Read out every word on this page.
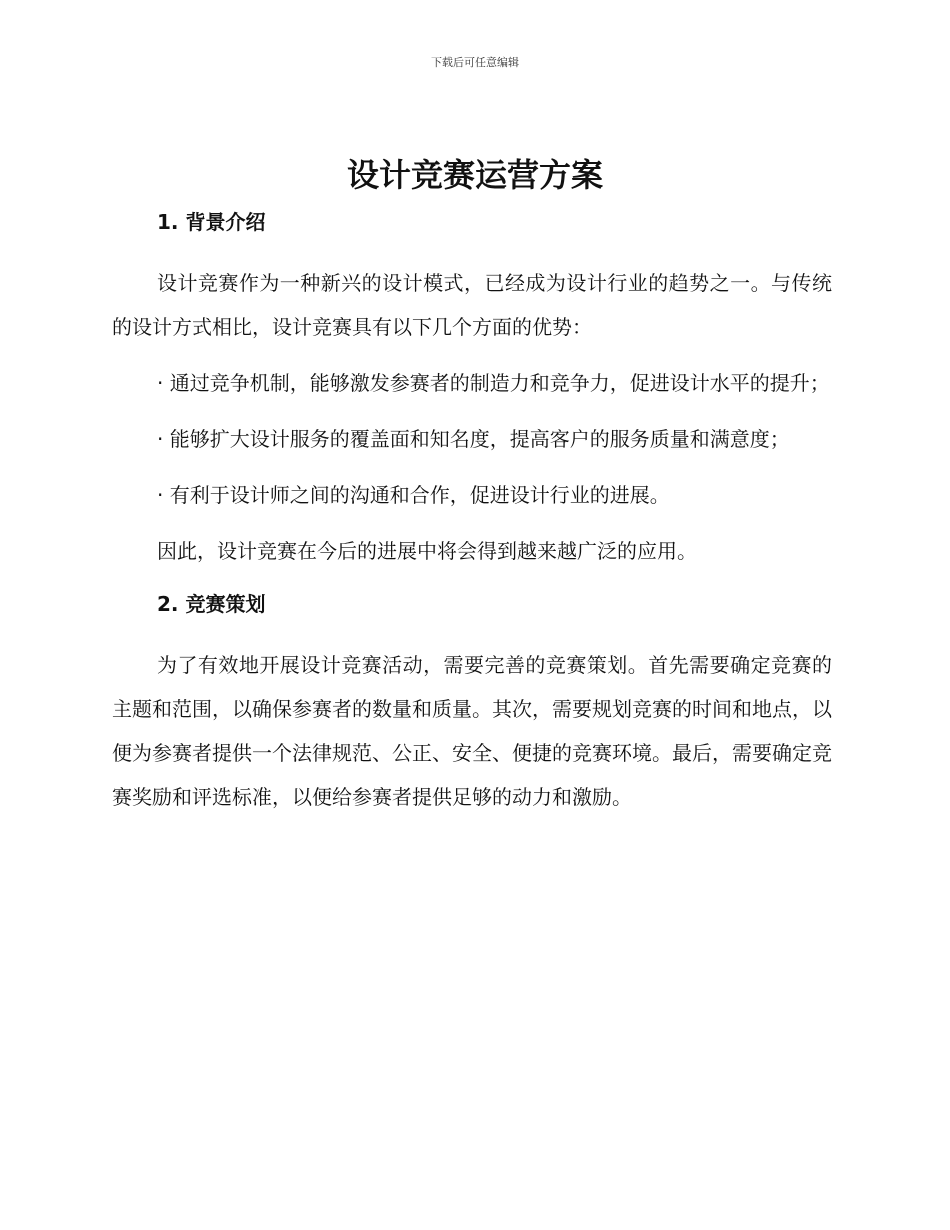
下载后可任意编辑
设计竞赛运营方案

1. 背景介绍

设计竞赛作为一种新兴的设计模式，已经成为设计行业的趋势之一。与传统的设计方式相比，设计竞赛具有以下几个方面的优势：

· 通过竞争机制，能够激发参赛者的制造力和竞争力，促进设计水平的提升；

· 能够扩大设计服务的覆盖面和知名度，提高客户的服务质量和满意度；

· 有利于设计师之间的沟通和合作，促进设计行业的进展。

因此，设计竞赛在今后的进展中将会得到越来越广泛的应用。

2. 竞赛策划

为了有效地开展设计竞赛活动，需要完善的竞赛策划。首先需要确定竞赛的主题和范围，以确保参赛者的数量和质量。其次，需要规划竞赛的时间和地点，以便为参赛者提供一个法律规范、公正、安全、便捷的竞赛环境。最后，需要确定竞赛奖励和评选标准，以便给参赛者提供足够的动力和激励。
